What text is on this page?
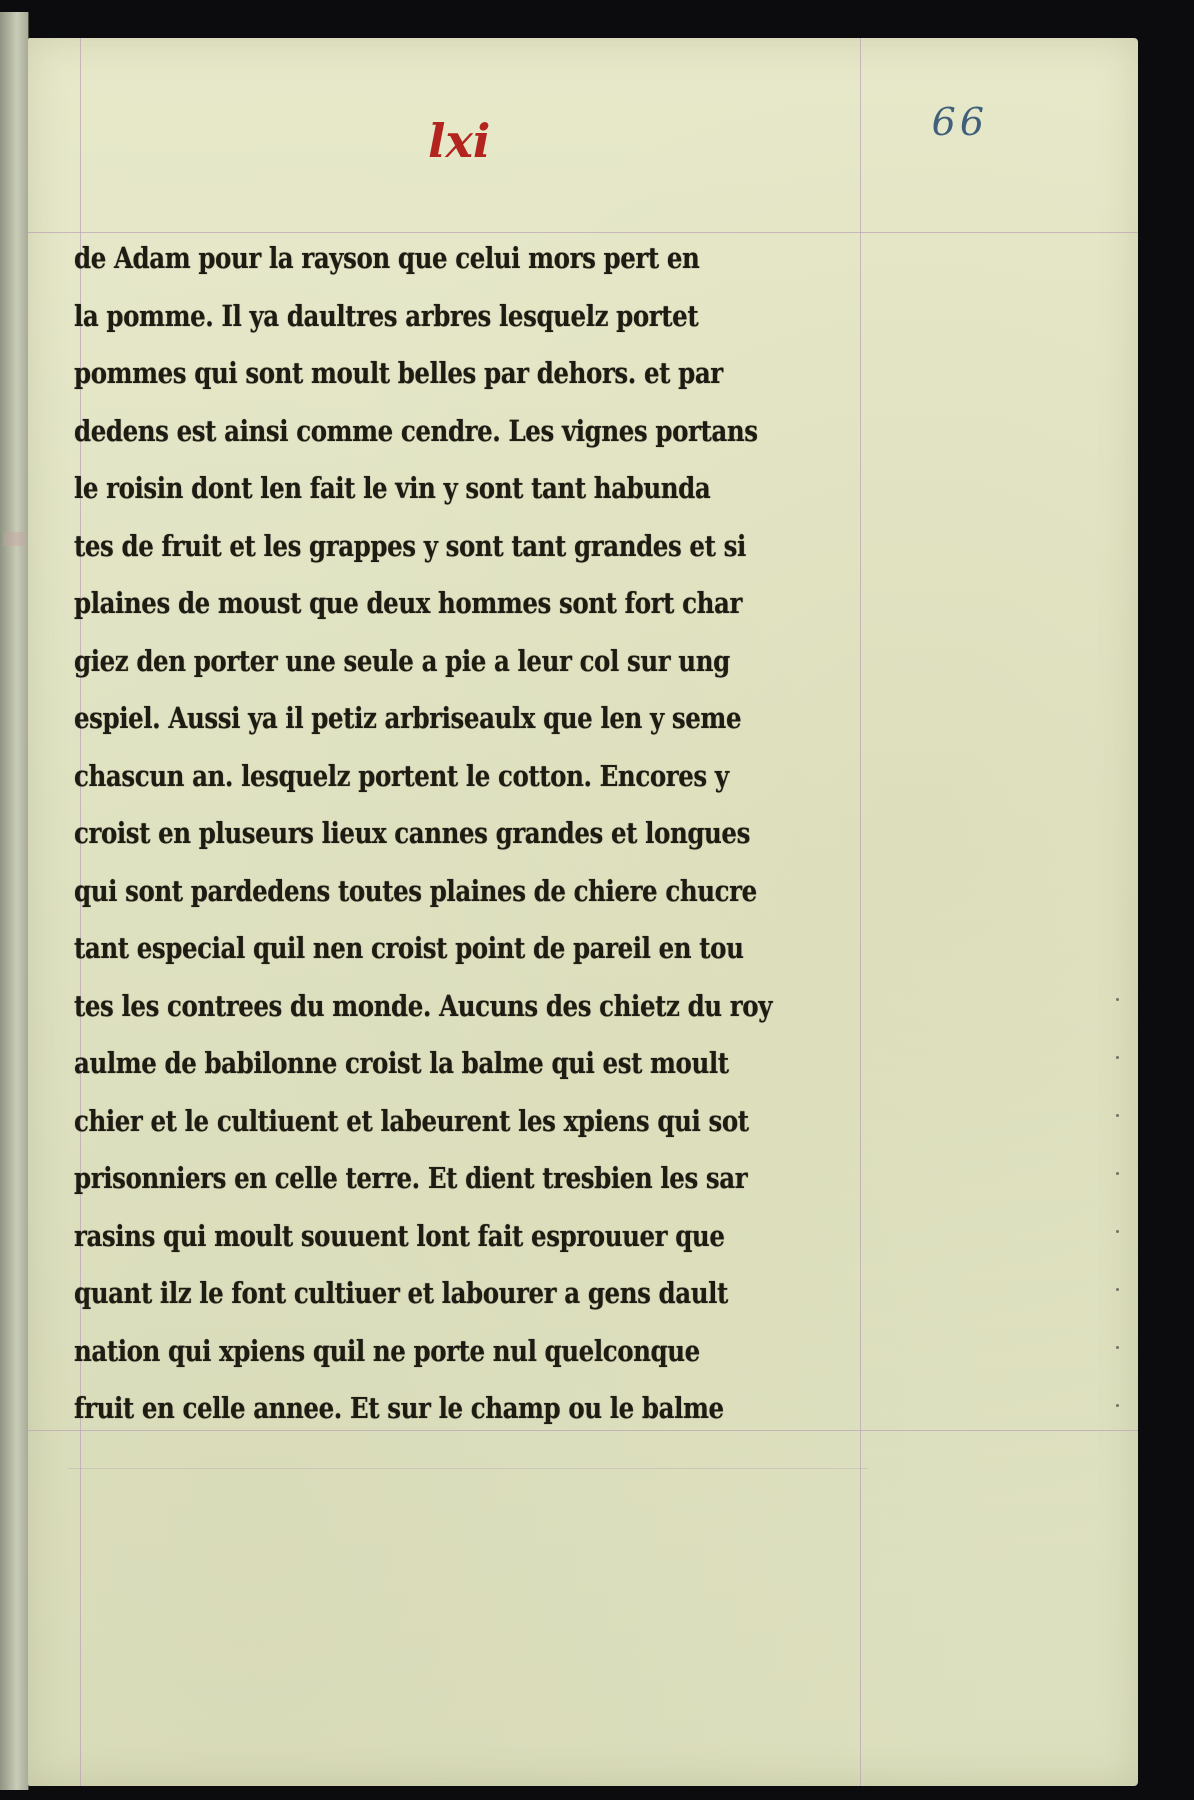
66
lxi
de Adam pour la rayson que celui mors pert en
la pomme. Il ya daultres arbres lesquelz portet
pommes qui sont moult belles par dehors. et par
dedens est ainsi comme cendre. Les vignes portans
le roisin dont len fait le vin y sont tant habunda
tes de fruit et les grappes y sont tant grandes et si
plaines de moust que deux hommes sont fort char
giez den porter une seule a pie a leur col sur ung
espiel. Aussi ya il petiz arbriseaulx que len y seme
chascun an. lesquelz portent le cotton. Encores y
croist en pluseurs lieux cannes grandes et longues
qui sont pardedens toutes plaines de chiere chucre
tant especial quil nen croist point de pareil en tou
tes les contrees du monde. Aucuns des chietz du roy
aulme de babilonne croist la balme qui est moult
chier et le cultiuent et labeurent les xpiens qui sot
prisonniers en celle terre. Et dient tresbien les sar
rasins qui moult souuent lont fait esprouuer que
quant ilz le font cultiuer et labourer a gens dault
nation qui xpiens quil ne porte nul quelconque
fruit en celle annee. Et sur le champ ou le balme
